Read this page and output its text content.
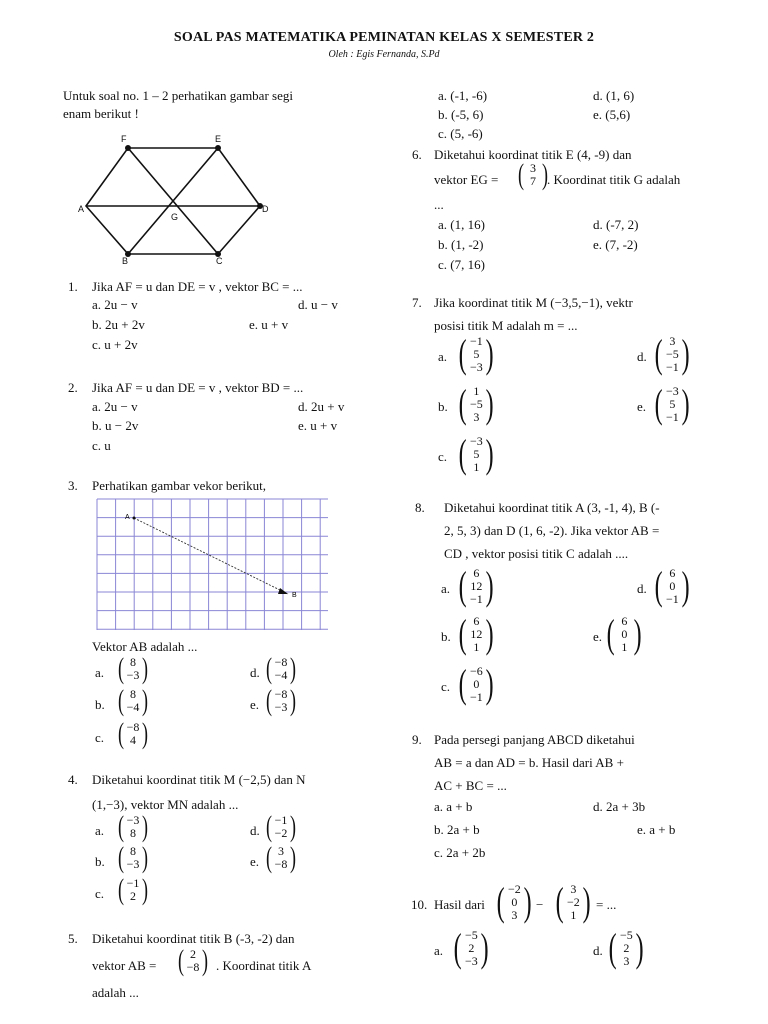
SOAL PAS MATEMATIKA PEMINATAN KELAS X SEMESTER 2
Oleh : Egis Fernanda, S.Pd
Untuk soal no. 1 – 2 perhatikan gambar segi
enam berikut !
F	E
A
G
D
B	C
1. Jika AF = u dan DE = v , vektor BC = ...
a. 2u − v
b. 2u + 2v
c. u + 2v
d. u − v
e. u + v
2. Jika AF = u dan DE = v , vektor BD = ...
a. 2u − v
b. u − 2v
c. u
d. 2u + v
e. u + v
3. Perhatikan gambar vekor berikut,
A
B
Vektor AB adalah ...
a. ( 8
−3 )
b. ( 8
−4 )
c. ( −8
4 )
d. ( −8
−4 )
e. ( −8
−3 )
4. Diketahui koordinat titik M (−2,5) dan N
(1,−3), vektor MN adalah ...
a. ( −3
8 )
b. ( 8
−3 )
c. ( −1
2 )
d. ( −1
−2 )
e. ( 3
−8 )
5. Diketahui koordinat titik B (-3, -2) dan
vektor AB = ( 2
−8 ) . Koordinat titik A
adalah ...
a. (-1, -6)
b. (-5, 6)
c. (5, -6)
d. (1, 6)
e. (5,6)
6. Diketahui koordinat titik E (4, -9) dan
vektor EG = ( 3
7 ) . Koordinat titik G adalah
...
a. (1, 16)
b. (1, -2)
c. (7, 16)
d. (-7, 2)
e. (7, -2)
7. Jika koordinat titik M (−3,5,−1), vektr
posisi titik M adalah m = ...
a. ( −1
5
−3 )
b. ( 1
−5
3 )
c. ( −3
5
1 )
d. ( 3
−5
−1 )
e. ( −3
5
−1 )
8. Diketahui koordinat titik A (3, -1, 4), B (-
2, 5, 3) dan D (1, 6, -2). Jika vektor AB =
CD , vektor posisi titik C adalah ....
a. ( 6
12
−1 )
b. ( 6
12
1 )
c. ( −6
0
−1 )
d. ( 6
0
−1 )
e. ( 6
0
1 )
9. Pada persegi panjang ABCD diketahui
AB = a dan AD = b. Hasil dari AB +
AC + BC = ...
a. a + b
b. 2a + b
c. 2a + 2b
d. 2a + 3b
e. a + b
10. Hasil dari ( −2
0
3 ) − ( 3
−2
1 ) = ...
a. ( −5
2
−3 )	d. ( −5
2
3 )
